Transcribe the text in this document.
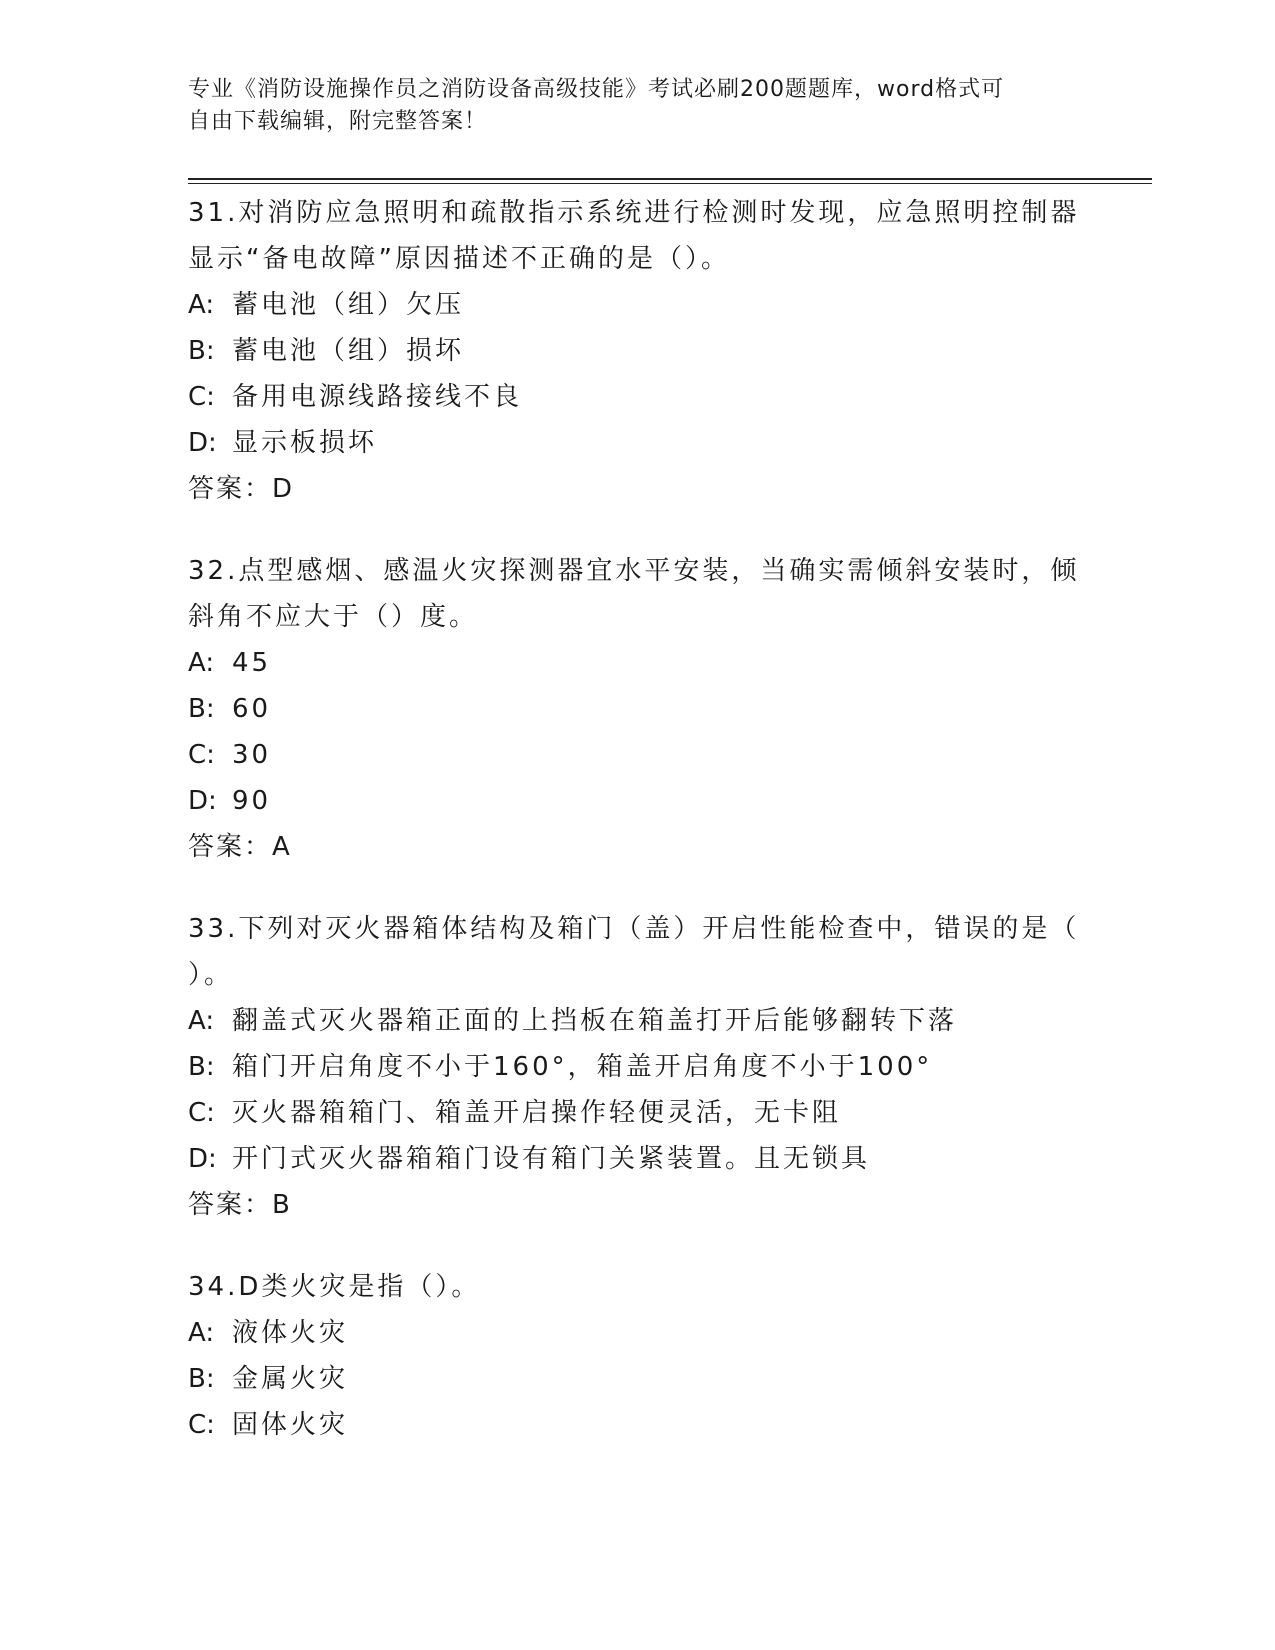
专业《消防设施操作员之消防设备高级技能》考试必刷200题题库，word格式可
自由下载编辑，附完整答案！

31.对消防应急照明和疏散指示系统进行检测时发现，应急照明控制器

显示“备电故障”原因描述不正确的是（）。

A: 蓄电池（组）欠压

B: 蓄电池（组）损坏

C: 备用电源线路接线不良

D: 显示板损坏

答案：D

32.点型感烟、感温火灾探测器宜水平安装，当确实需倾斜安装时，倾

斜角不应大于（）度。

A: 45

B: 60

C: 30

D: 90

答案：A

33.下列对灭火器箱体结构及箱门（盖）开启性能检查中，错误的是（

）。

A: 翻盖式灭火器箱正面的上挡板在箱盖打开后能够翻转下落

B: 箱门开启角度不小于160°，箱盖开启角度不小于100°

C: 灭火器箱箱门、箱盖开启操作轻便灵活，无卡阻

D: 开门式灭火器箱箱门设有箱门关紧装置。且无锁具

答案：B

34.D类火灾是指（）。

A: 液体火灾

B: 金属火灾

C: 固体火灾
